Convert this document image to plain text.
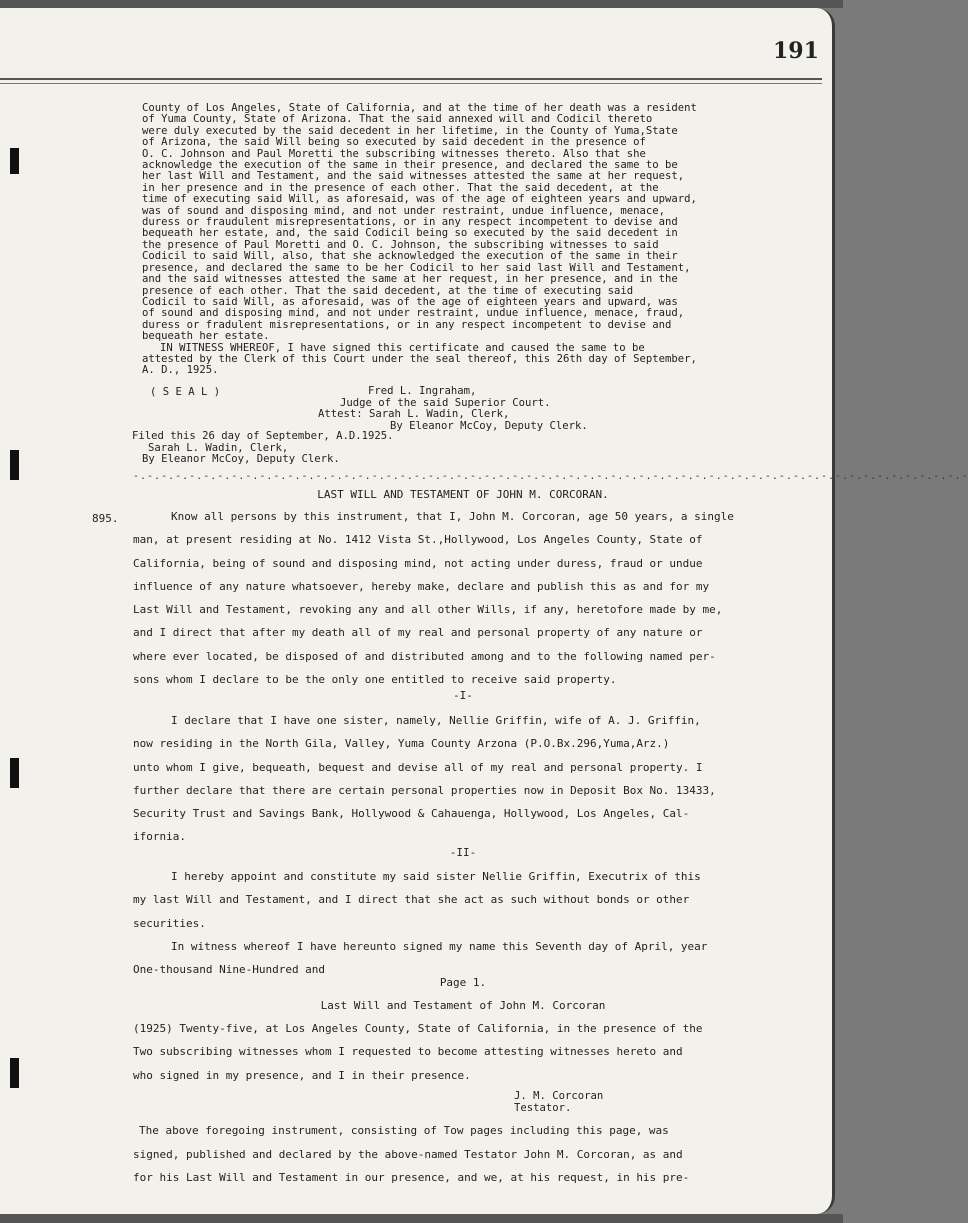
191
County of Los Angeles, State of California, and at the time of her death was a resident
of Yuma County, State of Arizona. That the said annexed will and Codicil thereto
were duly executed by the said decedent in her lifetime, in the County of Yuma,State
of Arizona, the said Will being so executed by said decedent in the presence of
O. C. Johnson and Paul Moretti the subscribing witnesses thereto. Also that she
acknowledge the execution of the same in their presence, and declared the same to be
her last Will and Testament, and the said witnesses attested the same at her request,
in her presence and in the presence of each other. That the said decedent, at the
time of executing said Will, as aforesaid, was of the age of eighteen years and upward,
was of sound and disposing mind, and not under restraint, undue influence, menace,
duress or fraudulent misrepresentations, or in any respect incompetent to devise and
bequeath her estate, and, the said Codicil being so executed by the said decedent in
the presence of Paul Moretti and O. C. Johnson, the subscribing witnesses to said
Codicil to said Will, also, that she acknowledged the execution of the same in their
presence, and declared the same to be her Codicil to her said last Will and Testament,
and the said witnesses attested the same at her request, in her presence, and in the
presence of each other. That the said decedent, at the time of executing said
Codicil to said Will, as aforesaid, was of the age of eighteen years and upward, was
of sound and disposing mind, and not under restraint, undue influence, menace, fraud,
duress or fradulent misrepresentations, or in any respect incompetent to devise and
bequeath her estate.
IN WITNESS WHEREOF, I have signed this certificate and caused the same to be
attested by the Clerk of this Court under the seal thereof, this 26th day of September,
A. D., 1925.
( S E A L )	Fred L. Ingraham,
Judge of the said Superior Court.
Attest: Sarah L. Wadin, Clerk,
By Eleanor McCoy, Deputy Clerk.
Filed this 26 day of September, A.D.1925.
Sarah L. Wadin, Clerk,
By Eleanor McCoy, Deputy Clerk.
-.-.-.-.-.-.-.-.-.-.-.-.-.-.-.-.-.-.-.-.-.-.-.-.-.-.-.-.-.-.-.-.-.-.-.-.-.-.-.-.-.-.-.-.-.-.-.-.-.-.-.-.-.-.-.-.-.-.-.-
LAST WILL AND TESTAMENT OF JOHN M. CORCORAN.
895.	Know all persons by this instrument, that I, John M. Corcoran, age 50 years, a single
man, at present residing at No. 1412 Vista St.,Hollywood, Los Angeles County, State of
California, being of sound and disposing mind, not acting under duress, fraud or undue
influence of any nature whatsoever, hereby make, declare and publish this as and for my
Last Will and Testament, revoking any and all other Wills, if any, heretofore made by me,
and I direct that after my death all of my real and personal property of any nature or
where ever located, be disposed of and distributed among and to the following named per-
sons whom I declare to be the only one entitled to receive said property.
-I-
I declare that I have one sister, namely, Nellie Griffin, wife of A. J. Griffin,
now residing in the North Gila, Valley, Yuma County Arzona (P.O.Bx.296,Yuma,Arz.)
unto whom I give, bequeath, bequest and devise all of my real and personal property. I
further declare that there are certain personal properties now in Deposit Box No. 13433,
Security Trust and Savings Bank, Hollywood & Cahauenga, Hollywood, Los Angeles, Cal-
ifornia.
-II-
I hereby appoint and constitute my said sister Nellie Griffin, Executrix of this
my last Will and Testament, and I direct that she act as such without bonds or other
securities.
In witness whereof I have hereunto signed my name this Seventh day of April, year
One-thousand Nine-Hundred and
Page 1.
Last Will and Testament of John M. Corcoran
(1925) Twenty-five, at Los Angeles County, State of California, in the presence of the
Two subscribing witnesses whom I requested to become attesting witnesses hereto and
who signed in my presence, and I in their presence.
J. M. Corcoran
Testator.
The above foregoing instrument, consisting of Tow pages including this page, was
signed, published and declared by the above-named Testator John M. Corcoran, as and
for his Last Will and Testament in our presence, and we, at his request, in his pre-
